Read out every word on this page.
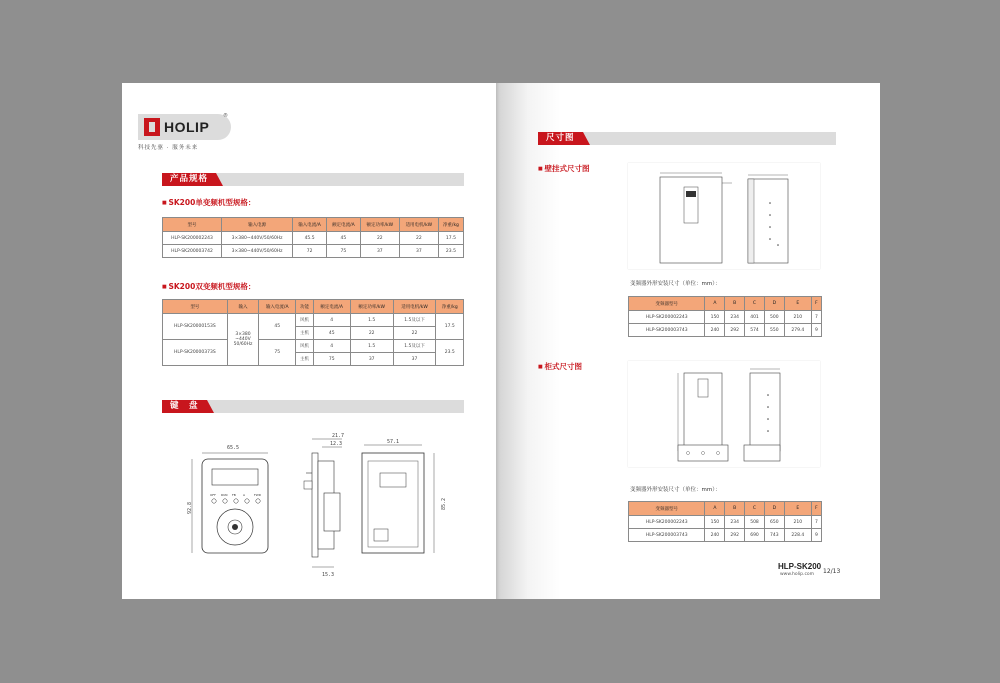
HOLIP
®
科技先驱 · 服务未来
产品规格
■ SK200单变频机型规格：
型号	输入电源	输入电流/A	额定电流/A	额定功率/kW	适用电机/kW	净重/kg
HLP-SK200002243	3×380~440V/50/60Hz	45.5	45	22	22	17.5
HLP-SK200003742	3×380~440V/50/60Hz	72	75	37	37	23.5
■ SK200双变频机型规格：
型号	输入	输入电流/A	功能	额定电流/A	额定功率/kW	适用电机/kW	净重/kg
HLP-SK20000153S	3×380
~440V
50/60Hz	45	风机	4	1.5	1.5及以下	17.5
			主机	45	22	22	
HLP-SK20000373S		75	风机	4	1.5	1.5及以下	23.5
			主机	75	37	37	
键　盘
65.5
92.8
OFF RUN FB A	FWD
21.7
12.3
15.3
57.1
85.2
尺寸图
■ 壁挂式尺寸图
变频器外形安装尺寸（单位：mm）：
变频器型号	A	B	C	D	E	F
HLP-SK200002243	150	234	401	500	210	7
HLP-SK200003743	240	292	574	550	279.4	9
■ 柜式尺寸图
变频器外形安装尺寸（单位：mm）：
变频器型号	A	B	C	D	E	F
HLP-SK200002243	150	234	508	650	210	7
HLP-SK200003743	240	292	690	743	228.4	9
HLP-SK200
www.holip.com 12/13
